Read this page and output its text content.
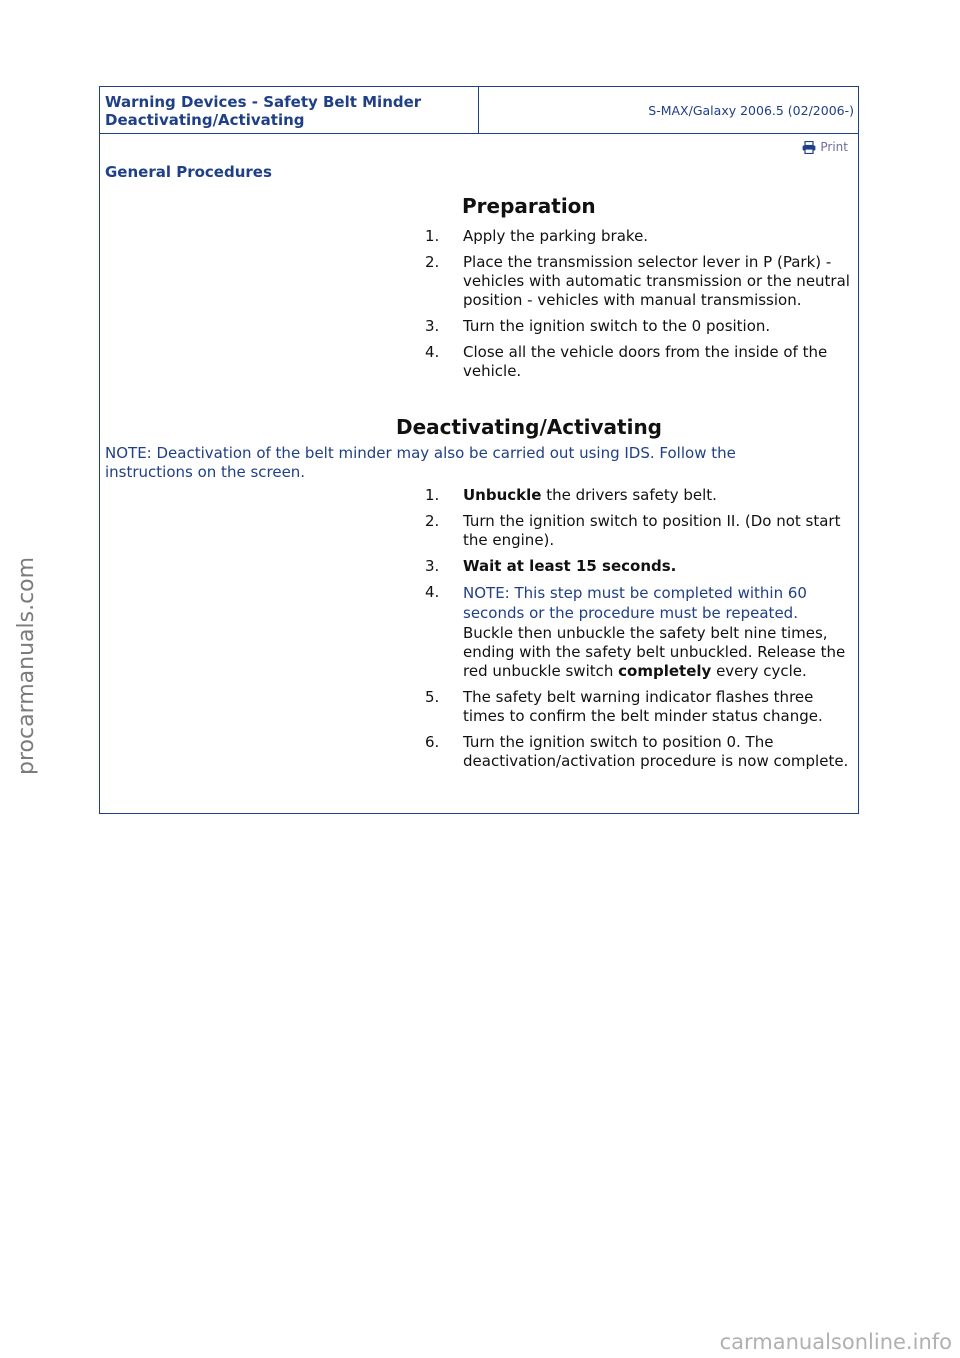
Warning Devices - Safety Belt Minder
Deactivating/Activating
S-MAX/Galaxy 2006.5 (02/2006-)
Print
General Procedures
Preparation
1.	Apply the parking brake.
2.	Place the transmission selector lever in P (Park) - vehicles with automatic transmission or the neutral position - vehicles with manual transmission.
3.	Turn the ignition switch to the 0 position.
4.	Close all the vehicle doors from the inside of the vehicle.
Deactivating/Activating
NOTE: Deactivation of the belt minder may also be carried out using IDS. Follow the instructions on the screen.
1.	Unbuckle the drivers safety belt.
2.	Turn the ignition switch to position II. (Do not start the engine).
3.	Wait at least 15 seconds.
4.	NOTE: This step must be completed within 60 seconds or the procedure must be repeated.
Buckle then unbuckle the safety belt nine times, ending with the safety belt unbuckled. Release the red unbuckle switch completely every cycle.
5.	The safety belt warning indicator flashes three times to confirm the belt minder status change.
6.	Turn the ignition switch to position 0. The deactivation/activation procedure is now complete.
procarmanuals.com
carmanualsonline.info
